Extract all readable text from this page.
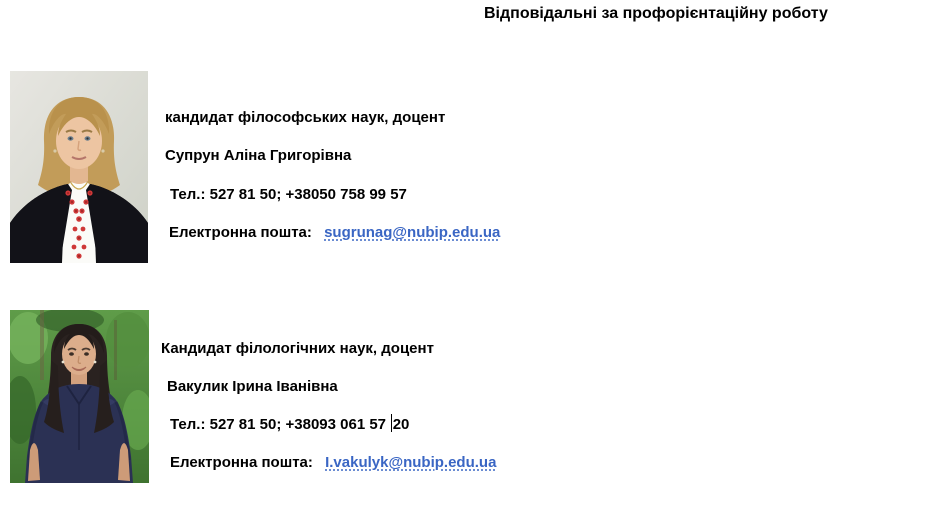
Відповідальні за профорієнтаційну роботу

кандидат філософських наук, доцент

Супрун Аліна Григорівна

Тел.: 527 81 50; +38050 758 99 57

Електронна пошта: sugrunag@nubip.edu.ua

Кандидат філологічних наук, доцент

Вакулик Ірина Іванівна

Тел.: 527 81 50; +38093 061 57 20

Електронна пошта: I.vakulyk@nubip.edu.ua
